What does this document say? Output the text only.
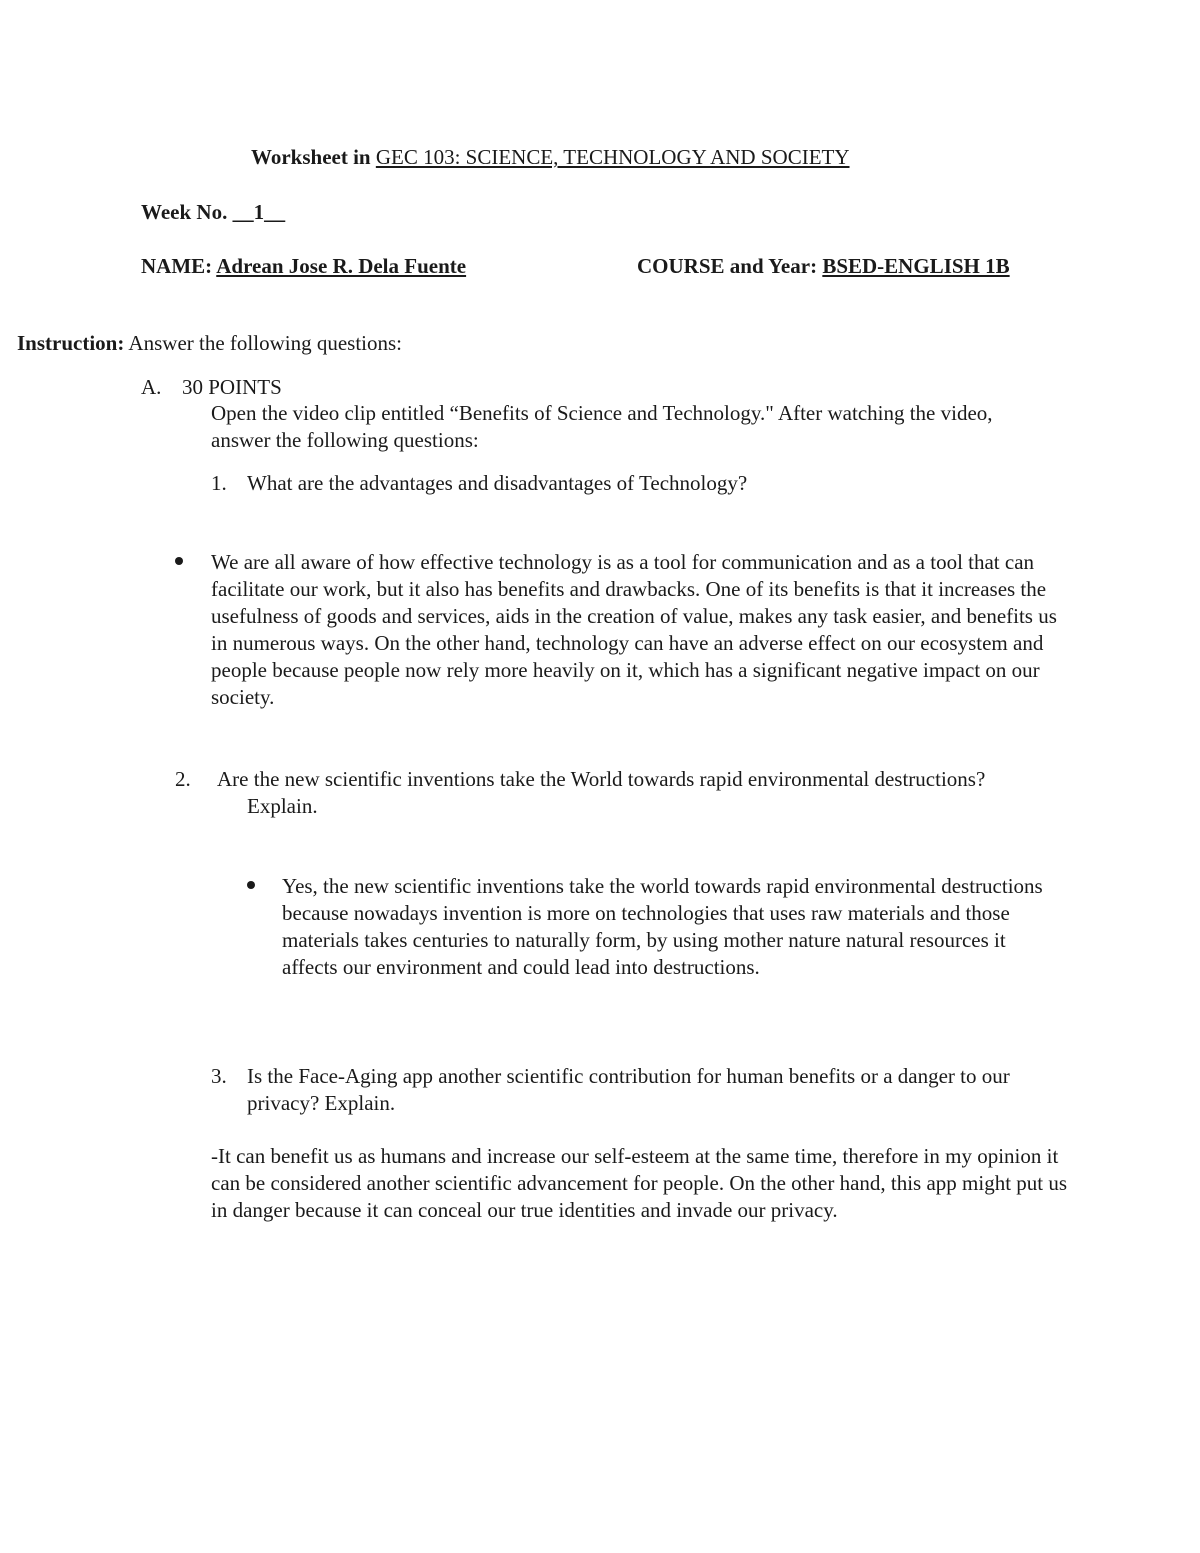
Worksheet in GEC 103: SCIENCE, TECHNOLOGY AND SOCIETY
Week No. __1__
NAME: Adrean Jose R. Dela Fuente	COURSE and Year: BSED-ENGLISH 1B
Instruction: Answer the following questions:
A. 30 POINTS
Open the video clip entitled “Benefits of Science and Technology." After watching the video, answer the following questions:
1. What are the advantages and disadvantages of Technology?
We are all aware of how effective technology is as a tool for communication and as a tool that can facilitate our work, but it also has benefits and drawbacks. One of its benefits is that it increases the usefulness of goods and services, aids in the creation of value, makes any task easier, and benefits us in numerous ways. On the other hand, technology can have an adverse effect on our ecosystem and people because people now rely more heavily on it, which has a significant negative impact on our society.
2. Are the new scientific inventions take the World towards rapid environmental destructions? Explain.
Yes, the new scientific inventions take the world towards rapid environmental destructions because nowadays invention is more on technologies that uses raw materials and those materials takes centuries to naturally form, by using mother nature natural resources it affects our environment and could lead into destructions.
3. Is the Face-Aging app another scientific contribution for human benefits or a danger to our privacy? Explain.
-It can benefit us as humans and increase our self-esteem at the same time, therefore in my opinion it can be considered another scientific advancement for people. On the other hand, this app might put us in danger because it can conceal our true identities and invade our privacy.
